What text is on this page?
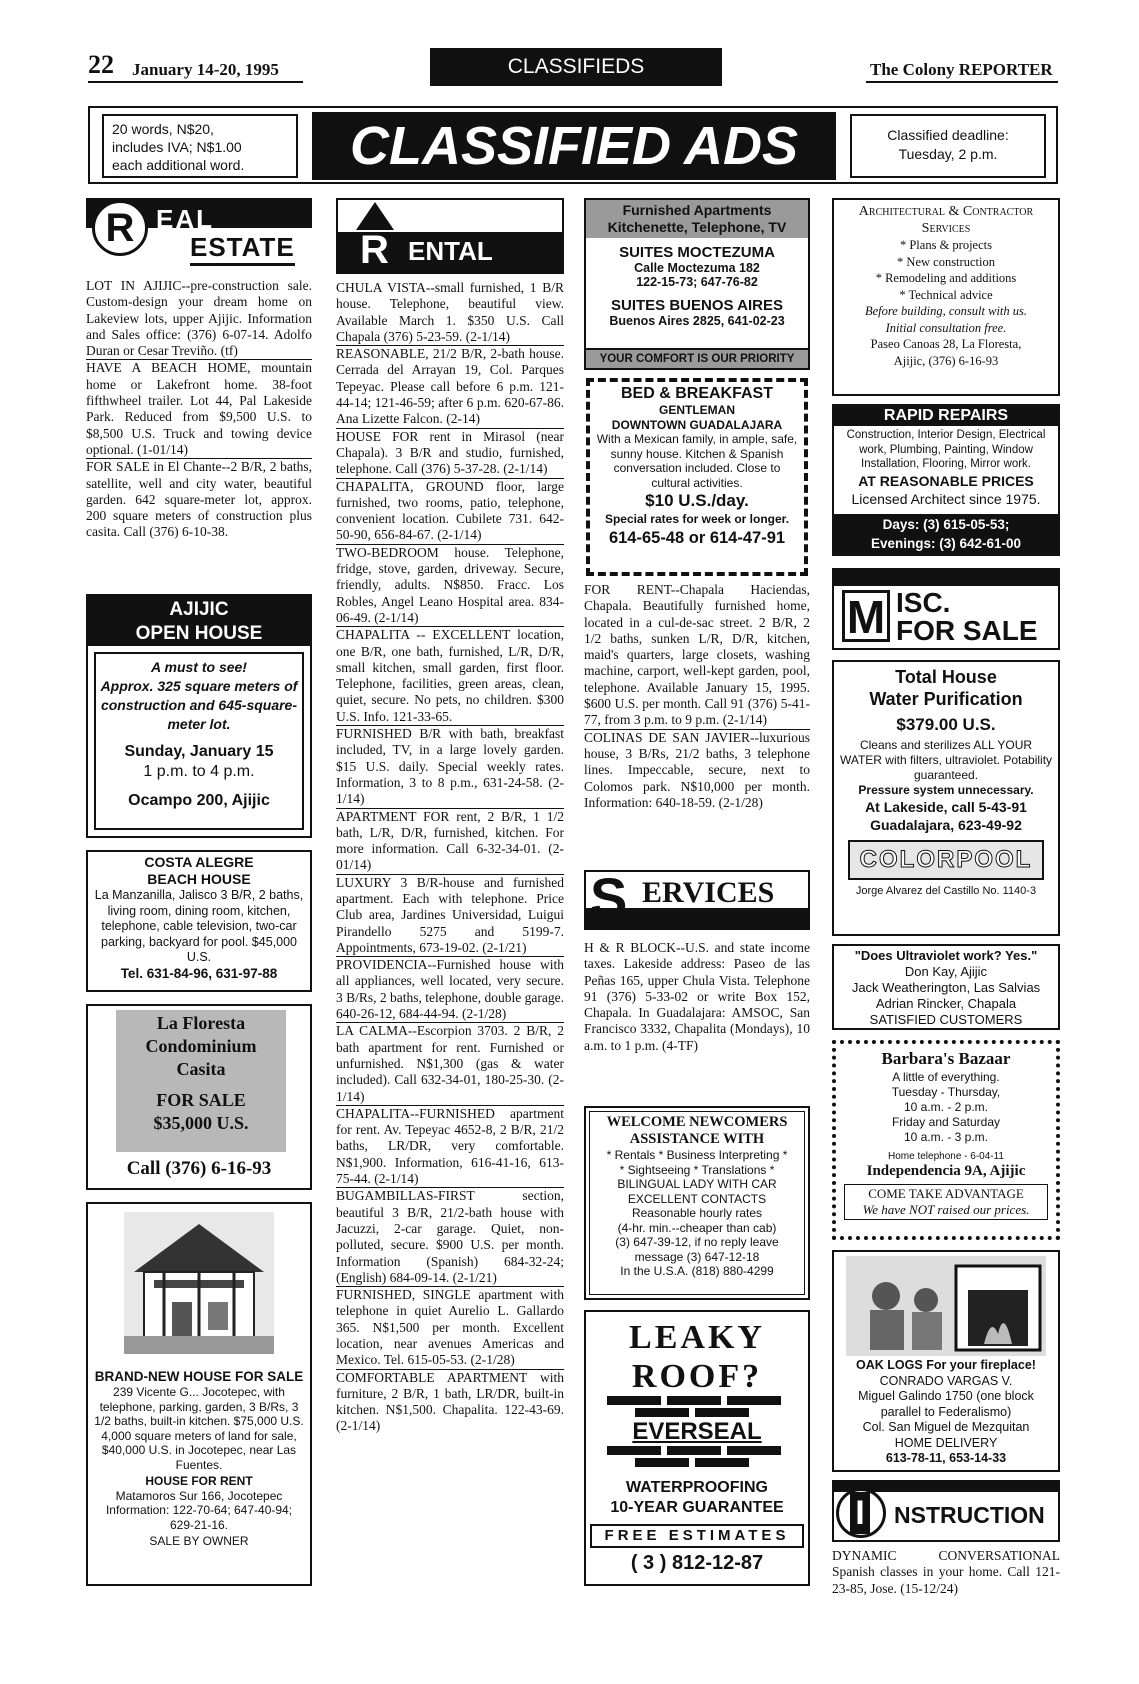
22 January 14-20, 1995	CLASSIFIEDS	The Colony REPORTER
20 words, N$20,
includes IVA; N$1.00
each additional word.	CLASSIFIED ADS	Classified deadline:
Tuesday, 2 p.m.
R EAL
ESTATE
LOT IN AJIJIC--pre-construction sale. Custom-design your dream home on Lakeview lots, upper Ajijic. Information and Sales office: (376) 6-07-14. Adolfo Duran or Cesar Treviño. (tf)
HAVE A BEACH HOME, mountain home or Lakefront home. 38-foot fifthwheel trailer. Lot 44, Pal Lakeside Park. Reduced from $9,500 U.S. to $8,500 U.S. Truck and towing device optional. (1-01/14)
FOR SALE in El Chante--2 B/R, 2 baths, satellite, well and city water, beautiful garden. 642 square-meter lot, approx. 200 square meters of construction plus casita. Call (376) 6-10-38.
AJIJIC
OPEN HOUSE
A must to see!
Approx. 325 square meters of construction and 645-square-meter lot.
Sunday, January 15
1 p.m. to 4 p.m.
Ocampo 200, Ajijic
COSTA ALEGRE
BEACH HOUSE
La Manzanilla, Jalisco 3 B/R, 2 baths, living room, dining room, kitchen, telephone, cable television, two-car parking, backyard for pool. $45,000 U.S.
Tel. 631-84-96, 631-97-88
La Floresta
Condominium
Casita
FOR SALE
$35,000 U.S.
Call (376) 6-16-93
BRAND-NEW HOUSE FOR SALE
239 Vicente G... Jocotepec, with telephone, parking, garden, 3 B/Rs, 3 1/2 baths, built-in kitchen. $75,000 U.S. 4,000 square meters of land for sale, $40,000 U.S. in Jocotepec, near Las Fuentes.
HOUSE FOR RENT
Matamoros Sur 166, Jocotepec Information: 122-70-64; 647-40-94; 629-21-16.
SALE BY OWNER
R ENTAL
CHULA VISTA--small furnished, 1 B/R house. Telephone, beautiful view. Available March 1. $350 U.S. Call Chapala (376) 5-23-59. (2-1/14)
REASONABLE, 21/2 B/R, 2-bath house. Cerrada del Arrayan 19, Col. Parques Tepeyac. Please call before 6 p.m. 121-44-14; 121-46-59; after 6 p.m. 620-67-86. Ana Lizette Falcon. (2-14)
HOUSE FOR rent in Mirasol (near Chapala). 3 B/R and studio, furnished, telephone. Call (376) 5-37-28. (2-1/14)
CHAPALITA, GROUND floor, large furnished, two rooms, patio, telephone, convenient location. Cubilete 731. 642-50-90, 656-84-67. (2-1/14)
TWO-BEDROOM house. Telephone, fridge, stove, garden, driveway. Secure, friendly, adults. N$850. Fracc. Los Robles, Angel Leano Hospital area. 834-06-49. (2-1/14)
CHAPALITA -- EXCELLENT location, one B/R, one bath, furnished, L/R, D/R, small kitchen, small garden, first floor. Telephone, facilities, green areas, clean, quiet, secure. No pets, no children. $300 U.S. Info. 121-33-65.
FURNISHED B/R with bath, breakfast included, TV, in a large lovely garden. $15 U.S. daily. Special weekly rates. Information, 3 to 8 p.m., 631-24-58. (2-1/14)
APARTMENT FOR rent, 2 B/R, 1 1/2 bath, L/R, D/R, furnished, kitchen. For more information. Call 6-32-34-01. (2-01/14)
LUXURY 3 B/R-house and furnished apartment. Each with telephone. Price Club area, Jardines Universidad, Luigui Pirandello 5275 and 5199-7. Appointments, 673-19-02. (2-1/21)
PROVIDENCIA--Furnished house with all appliances, well located, very secure. 3 B/Rs, 2 baths, telephone, double garage. 640-26-12, 684-44-94. (2-1/28)
LA CALMA--Escorpion 3703. 2 B/R, 2 bath apartment for rent. Furnished or unfurnished. N$1,300 (gas & water included). Call 632-34-01, 180-25-30. (2-1/14)
CHAPALITA--FURNISHED apartment for rent. Av. Tepeyac 4652-8, 2 B/R, 21/2 baths, LR/DR, very comfortable. N$1,900. Information, 616-41-16, 613-75-44. (2-1/14)
BUGAMBILLAS-FIRST section, beautiful 3 B/R, 21/2-bath house with Jacuzzi, 2-car garage. Quiet, non-polluted, secure. $900 U.S. per month. Information (Spanish) 684-32-24; (English) 684-09-14. (2-1/21)
FURNISHED, SINGLE apartment with telephone in quiet Aurelio L. Gallardo 365. N$1,500 per month. Excellent location, near avenues Americas and Mexico. Tel. 615-05-53. (2-1/28)
COMFORTABLE APARTMENT with furniture, 2 B/R, 1 bath, LR/DR, built-in kitchen. N$1,500. Chapalita. 122-43-69. (2-1/14)
Furnished Apartments
Kitchenette, Telephone, TV
SUITES MOCTEZUMA
Calle Moctezuma 182
122-15-73; 647-76-82
SUITES BUENOS AIRES
Buenos Aires 2825, 641-02-23
YOUR COMFORT IS OUR PRIORITY
BED & BREAKFAST
GENTLEMAN
DOWNTOWN GUADALAJARA
With a Mexican family, in ample, safe, sunny house. Kitchen & Spanish conversation included. Close to cultural activities.
$10 U.S./day.
Special rates for week or longer.
614-65-48 or 614-47-91
FOR RENT--Chapala Haciendas, Chapala. Beautifully furnished home, located in a cul-de-sac street. 2 B/R, 2 1/2 baths, sunken L/R, D/R, kitchen, maid's quarters, large closets, washing machine, carport, well-kept garden, pool, telephone. Available January 15, 1995. $600 U.S. per month. Call 91 (376) 5-41-77, from 3 p.m. to 9 p.m. (2-1/14)
COLINAS DE SAN JAVIER--luxurious house, 3 B/Rs, 21/2 baths, 3 telephone lines. Impeccable, secure, next to Colomos park. N$10,000 per month. Information: 640-18-59. (2-1/28)
S ERVICES
H & R BLOCK--U.S. and state income taxes. Lakeside address: Paseo de las Peñas 165, upper Chula Vista. Telephone 91 (376) 5-33-02 or write Box 152, Chapala. In Guadalajara: AMSOC, San Francisco 3332, Chapalita (Mondays), 10 a.m. to 1 p.m. (4-TF)
WELCOME NEWCOMERS
ASSISTANCE WITH
* Rentals * Business Interpreting *
* Sightseeing * Translations *
BILINGUAL LADY WITH CAR
EXCELLENT CONTACTS
Reasonable hourly rates
(4-hr. min.--cheaper than cab)
(3) 647-39-12, if no reply leave
message (3) 647-12-18
In the U.S.A. (818) 880-4299
LEAKY
ROOF?
EVERSEAL
WATERPROOFING
10-YEAR GUARANTEE
FREE ESTIMATES
( 3 ) 812-12-87
Architectural & Contractor
Services
* Plans & projects
* New construction
* Remodeling and additions
* Technical advice
Before building, consult with us.
Initial consultation free.
Paseo Canoas 28, La Floresta,
Ajijic, (376) 6-16-93
RAPID REPAIRS
Construction, Interior Design, Electrical work, Plumbing, Painting, Window Installation, Flooring, Mirror work.
AT REASONABLE PRICES
Licensed Architect since 1975.
Days: (3) 615-05-53;
Evenings: (3) 642-61-00
M ISC.
FOR SALE
Total House
Water Purification
$379.00 U.S.
Cleans and sterilizes ALL YOUR WATER with filters, ultraviolet. Potability guaranteed.
Pressure system unnecessary.
At Lakeside, call 5-43-91
Guadalajara, 623-49-92
COLORPOOL
Jorge Alvarez del Castillo No. 1140-3
"Does Ultraviolet work? Yes."
Don Kay, Ajijic
Jack Weatherington, Las Salvias
Adrian Rincker, Chapala
SATISFIED CUSTOMERS
Barbara's Bazaar
A little of everything.
Tuesday - Thursday,
10 a.m. - 2 p.m.
Friday and Saturday
10 a.m. - 3 p.m.
Home telephone - 6-04-11
Independencia 9A, Ajijic
COME TAKE ADVANTAGE
We have NOT raised our prices.
OAK LOGS For your fireplace!
CONRADO VARGAS V.
Miguel Galindo 1750 (one block
parallel to Federalismo)
Col. San Miguel de Mezquitan
HOME DELIVERY
613-78-11, 653-14-33
I NSTRUCTION
DYNAMIC CONVERSATIONAL Spanish classes in your home. Call 121-23-85, Jose. (15-12/24)
